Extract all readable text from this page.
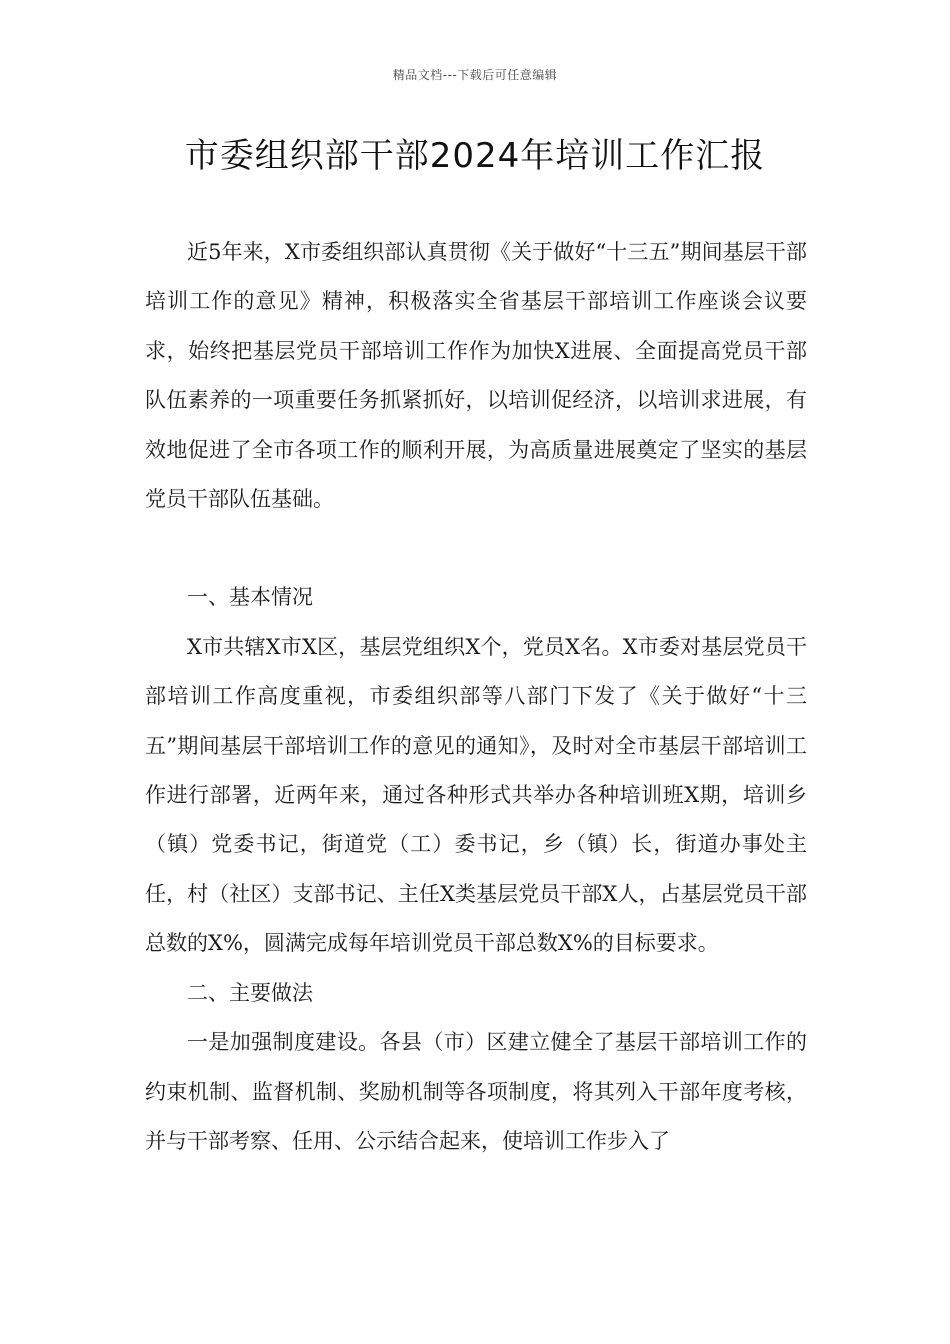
精品文档---下载后可任意编辑
市委组织部干部2024年培训工作汇报

近5年来，X市委组织部认真贯彻《关于做好“十三五”期间基层干部培训工作的意见》精神，积极落实全省基层干部培训工作座谈会议要求，始终把基层党员干部培训工作作为加快X进展、全面提高党员干部队伍素养的一项重要任务抓紧抓好，以培训促经济，以培训求进展，有效地促进了全市各项工作的顺利开展，为高质量进展奠定了坚实的基层党员干部队伍基础。

一、基本情况

X市共辖X市X区，基层党组织X个，党员X名。X市委对基层党员干部培训工作高度重视，市委组织部等八部门下发了《关于做好“十三五”期间基层干部培训工作的意见的通知》，及时对全市基层干部培训工作进行部署，近两年来，通过各种形式共举办各种培训班X期，培训乡（镇）党委书记，街道党（工）委书记，乡（镇）长，街道办事处主任，村（社区）支部书记、主任X类基层党员干部X人，占基层党员干部总数的X%，圆满完成每年培训党员干部总数X%的目标要求。

二、主要做法

一是加强制度建设。各县（市）区建立健全了基层干部培训工作的约束机制、监督机制、奖励机制等各项制度，将其列入干部年度考核，并与干部考察、任用、公示结合起来，使培训工作步入了
